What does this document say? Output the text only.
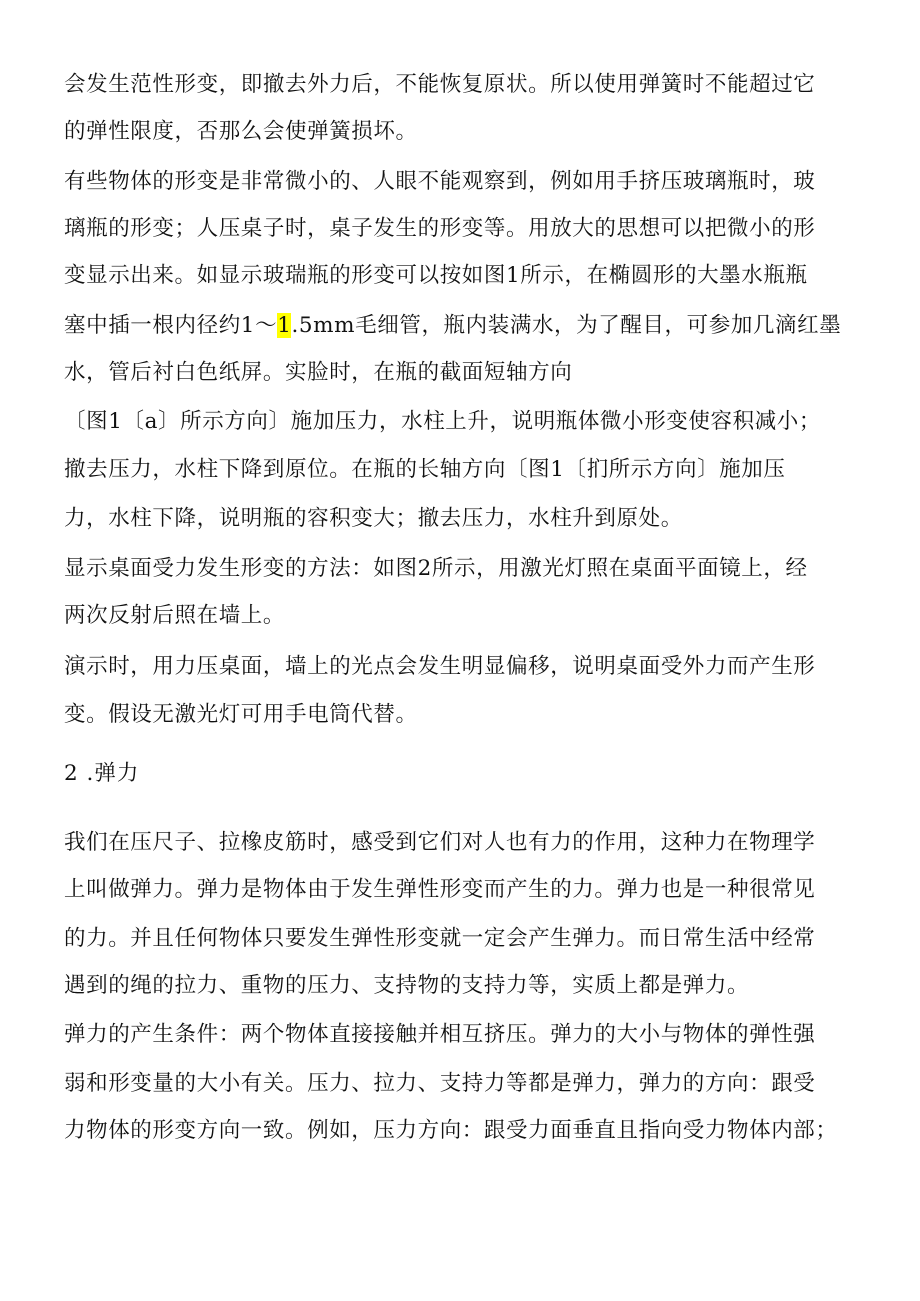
会发生范性形变，即撤去外力后，不能恢复原状。所以使用弹簧时不能超过它
的弹性限度，否那么会使弹簧损坏。
有些物体的形变是非常微小的、人眼不能观察到，例如用手挤压玻璃瓶时，玻
璃瓶的形变；人压桌子时，桌子发生的形变等。用放大的思想可以把微小的形
变显示出来。如显示玻瑞瓶的形变可以按如图1所示，在椭圆形的大墨水瓶瓶
塞中插一根内径约1～1.5mm毛细管，瓶内装满水，为了醒目，可参加几滴红墨
水，管后衬白色纸屏。实脸时，在瓶的截面短轴方向
〔图1〔a〕所示方向〕施加压力，水柱上升，说明瓶体微小形变使容积减小；
撤去压力，水柱下降到原位。在瓶的长轴方向〔图1〔扪所示方向〕施加压
力，水柱下降，说明瓶的容积变大；撤去压力，水柱升到原处。
显示桌面受力发生形变的方法：如图2所示，用激光灯照在桌面平面镜上，经
两次反射后照在墙上。
演示时，用力压桌面，墙上的光点会发生明显偏移，说明桌面受外力而产生形
变。假设无激光灯可用手电筒代替。
2 .弹力
我们在压尺子、拉橡皮筋时，感受到它们对人也有力的作用，这种力在物理学
上叫做弹力。弹力是物体由于发生弹性形变而产生的力。弹力也是一种很常见
的力。并且任何物体只要发生弹性形变就一定会产生弹力。而日常生活中经常
遇到的绳的拉力、重物的压力、支持物的支持力等，实质上都是弹力。
弹力的产生条件：两个物体直接接触并相互挤压。弹力的大小与物体的弹性强
弱和形变量的大小有关。压力、拉力、支持力等都是弹力，弹力的方向：跟受
力物体的形变方向一致。例如，压力方向：跟受力面垂直且指向受力物体内部；
